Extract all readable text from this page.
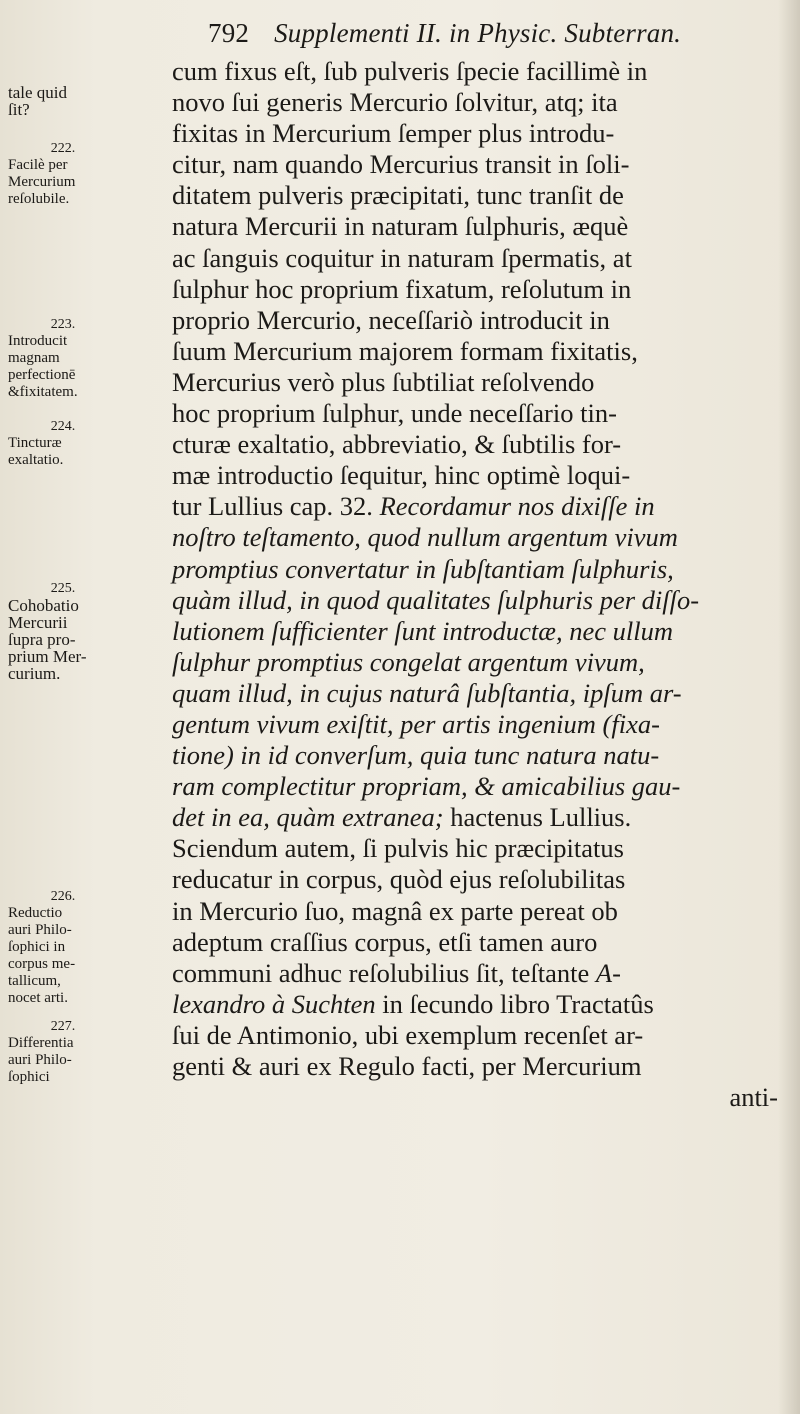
792 Supplementi II. in Physic. Subterran.
cum fixus eſt, ſub pulveris ſpecie facillimè in
novo ſui generis Mercurio ſolvitur, atq; ita
fixitas in Mercurium ſemper plus introdu-
citur, nam quando Mercurius transit in ſoli-
ditatem pulveris præcipitati, tunc tranſit de
natura Mercurii in naturam ſulphuris, æquè
ac ſanguis coquitur in naturam ſpermatis, at
ſulphur hoc proprium fixatum, reſolutum in
proprio Mercurio, neceſſariò introducit in
ſuum Mercurium majorem formam fixitatis,
Mercurius verò plus ſubtiliat reſolvendo
hoc proprium ſulphur, unde neceſſario tin-
cturæ exaltatio, abbreviatio, & ſubtilis for-
mæ introductio ſequitur, hinc optimè loqui-
tur Lullius cap. 32. Recordamur nos dixiſſe in
noſtro teſtamento, quod nullum argentum vivum
promptius convertatur in ſubſtantiam ſulphuris,
quàm illud, in quod qualitates ſulphuris per diſſo-
lutionem ſufficienter ſunt introductæ, nec ullum
ſulphur promptius congelat argentum vivum,
quam illud, in cujus naturâ ſubſtantia, ipſum ar-
gentum vivum exiſtit, per artis ingenium (fixa-
tione) in id converſum, quia tunc natura natu-
ram complectitur propriam, & amicabilius gau-
det in ea, quàm extranea; hactenus Lullius.
Sciendum autem, ſi pulvis hic præcipitatus
reducatur in corpus, quòd ejus reſolubilitas
in Mercurio ſuo, magnâ ex parte pereat ob
adeptum craſſius corpus, etſi tamen auro
communi adhuc reſolubilius ſit, teſtante A-
lexandro à Suchten in ſecundo libro Tractatûs
ſui de Antimonio, ubi exemplum recenſet ar-
genti & auri ex Regulo facti, per Mercurium
anti-
tale quid
ſit?
222.
Facilè per
Mercurium
reſolubile.
223.
Introducit
magnam
perfectionē
&fixitatem.
224.
Tincturæ
exaltatio.
225.
Cohobatio
Mercurii
ſupra pro-
prium Mer-
curium.
226.
Reductio
auri Philo-
ſophici in
corpus me-
tallicum,
nocet arti.
227.
Differentia
auri Philo-
ſophici
